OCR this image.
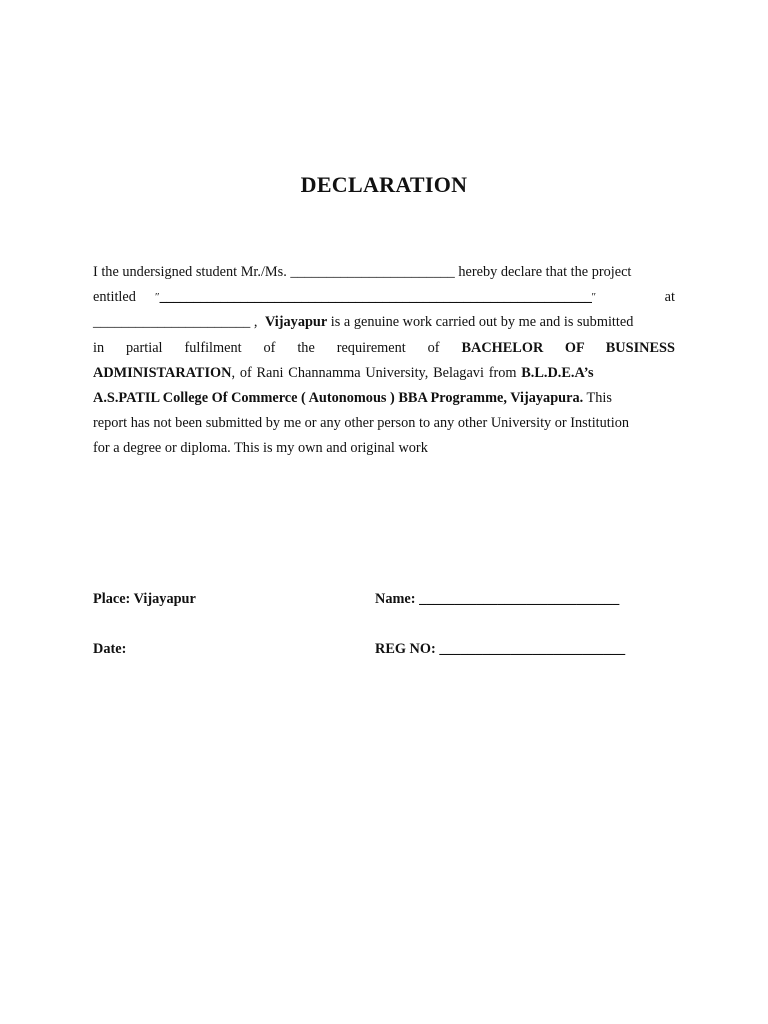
DECLARATION
I the undersigned student Mr./Ms. _______________________ hereby declare that the project
entitled ″________________________________________________________________″	at
______________________ , Vijayapur is a genuine work carried out by me and is submitted
in partial fulfilment of the requirement of BACHELOR OF BUSINESS
ADMINISTARATION, of Rani Channamma University, Belagavi from B.L.D.E.A’s
A.S.PATIL College Of Commerce ( Autonomous ) BBA Programme, Vijayapura. This
report has not been submitted by me or any other person to any other University or Institution
for a degree or diploma. This is my own and original work
Place: Vijayapur	Name: ____________________________
Date:	REG NO: __________________________
